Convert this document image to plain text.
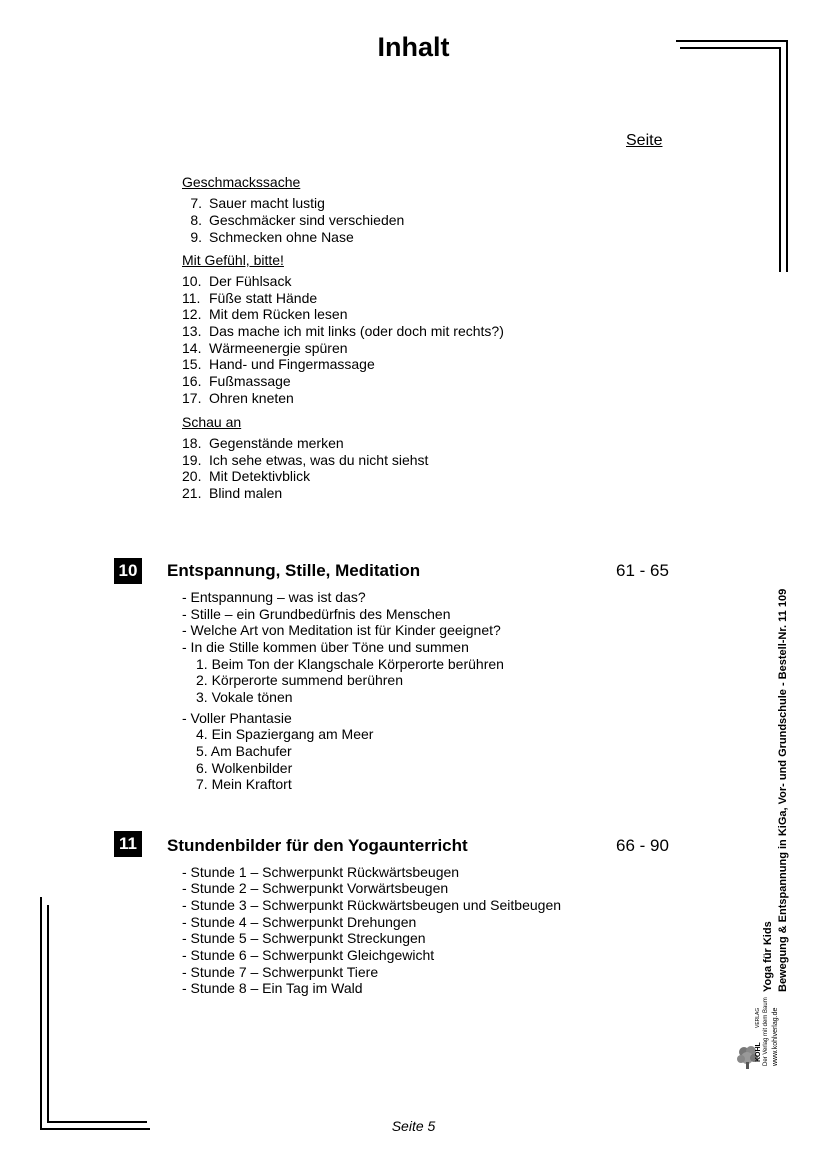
Inhalt
Seite
Geschmackssache
7. Sauer macht lustig
8. Geschmäcker sind verschieden
9. Schmecken ohne Nase
Mit Gefühl, bitte!
10. Der Fühlsack
11. Füße statt Hände
12. Mit dem Rücken lesen
13. Das mache ich mit links (oder doch mit rechts?)
14. Wärmeenergie spüren
15. Hand- und Fingermassage
16. Fußmassage
17. Ohren kneten
Schau an
18. Gegenstände merken
19. Ich sehe etwas, was du nicht siehst
20. Mit Detektivblick
21. Blind malen
10 Entspannung, Stille, Meditation	61 - 65
- Entspannung – was ist das?
- Stille – ein Grundbedürfnis des Menschen
- Welche Art von Meditation ist für Kinder geeignet?
- In die Stille kommen über Töne und summen
1. Beim Ton der Klangschale Körperorte berühren
2. Körperorte summend berühren
3. Vokale tönen
- Voller Phantasie
4. Ein Spaziergang am Meer
5. Am Bachufer
6. Wolkenbilder
7. Mein Kraftort
11 Stundenbilder für den Yogaunterricht	66 - 90
- Stunde 1 – Schwerpunkt Rückwärtsbeugen
- Stunde 2 – Schwerpunkt Vorwärtsbeugen
- Stunde 3 – Schwerpunkt Rückwärtsbeugen und Seitbeugen
- Stunde 4 – Schwerpunkt Drehungen
- Stunde 5 – Schwerpunkt Streckungen
- Stunde 6 – Schwerpunkt Gleichgewicht
- Stunde 7 – Schwerpunkt Tiere
- Stunde 8 – Ein Tag im Wald	Yoga für Kids Bewegung & Entspannung in KiGa, Vor- und Grundschule - Bestell-Nr. 11 109
KOHL
VERLAG Der Verlag mit dem Baum www.kohlverlag.de
Seite 5
